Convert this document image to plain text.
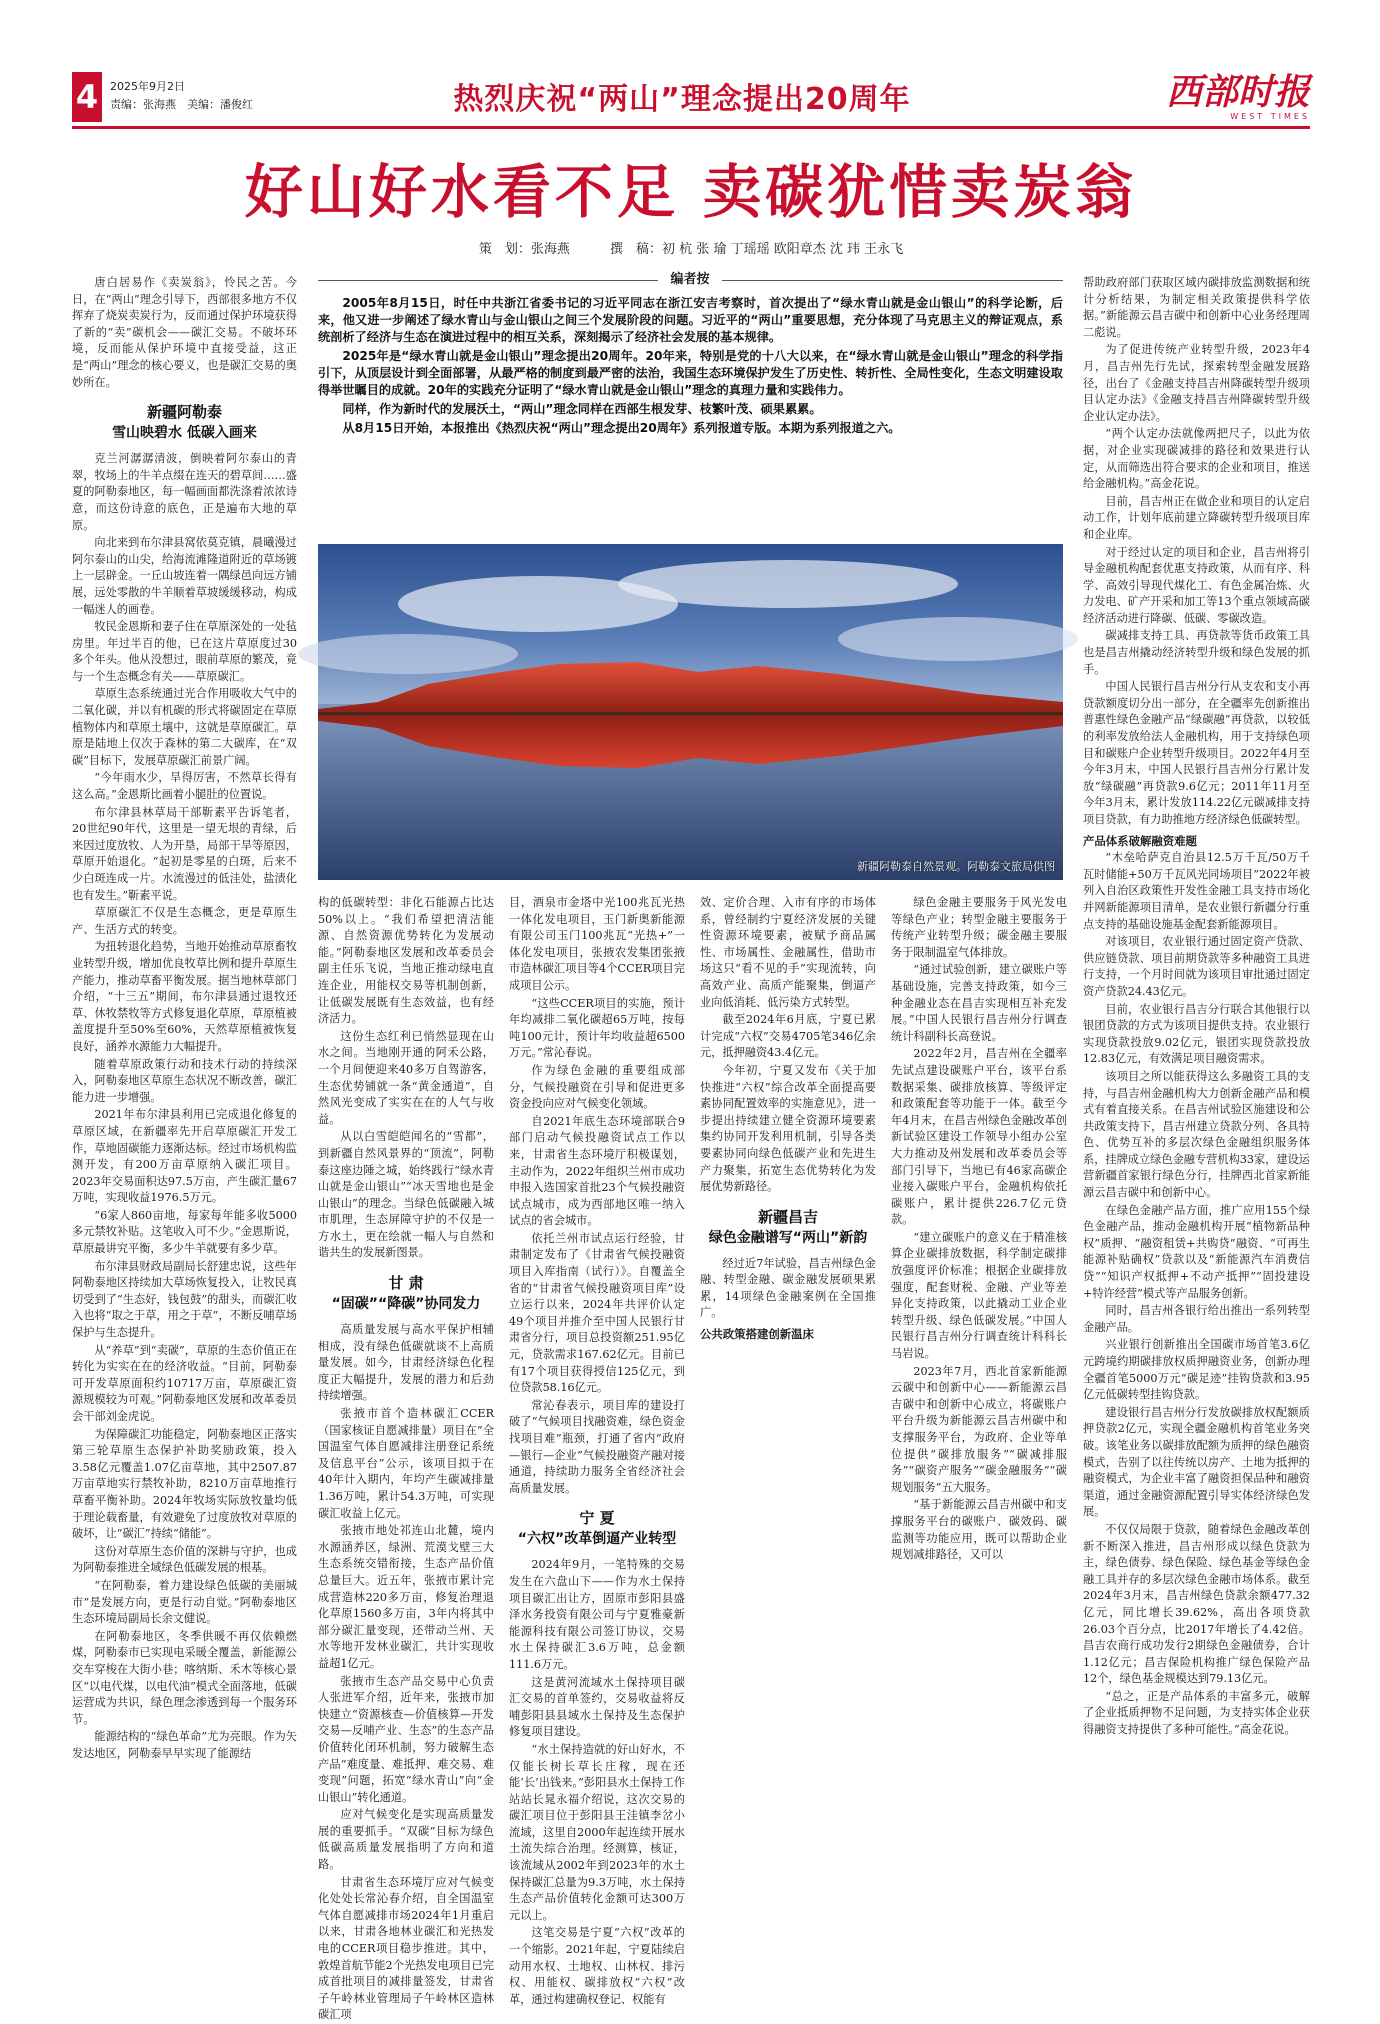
4	2025年9月2日
责编：张海燕　美编：潘俊红	热烈庆祝“两山”理念提出20周年	西部时报
WEST TIMES
好山好水看不足 卖碳犹惜卖炭翁
策　划：张海燕	撰　稿：初 杭 张 瑜 丁瑶瑶 欧阳章杰 沈 玮 王永飞
编者按

2005年8月15日，时任中共浙江省委书记的习近平同志在浙江安吉考察时，首次提出了“绿水青山就是金山银山”的科学论断，后来，他又进一步阐述了绿水青山与金山银山之间三个发展阶段的问题。习近平的“两山”重要思想，充分体现了马克思主义的辩证观点，系统剖析了经济与生态在演进过程中的相互关系，深刻揭示了经济社会发展的基本规律。

2025年是“绿水青山就是金山银山”理念提出20周年。20年来，特别是党的十八大以来，在“绿水青山就是金山银山”理念的科学指引下，从顶层设计到全面部署，从最严格的制度到最严密的法治，我国生态环境保护发生了历史性、转折性、全局性变化，生态文明建设取得举世瞩目的成就。20年的实践充分证明了“绿水青山就是金山银山”理念的真理力量和实践伟力。

同样，作为新时代的发展沃土，“两山”理念同样在西部生根发芽、枝繁叶茂、硕果累累。

从8月15日开始，本报推出《热烈庆祝“两山”理念提出20周年》系列报道专版。本期为系列报道之六。

新疆阿勒泰自然景观。阿勒泰文旅局供图

唐白居易作《卖炭翁》，怜民之苦。今日，在“两山”理念引导下，西部很多地方不仅挥弃了烧炭卖炭行为，反而通过保护环境获得了新的“卖”碳机会——碳汇交易。不破坏环境，反而能从保护环境中直接受益，这正是“两山”理念的核心要义，也是碳汇交易的奥妙所在。

新疆阿勒泰
雪山映碧水 低碳入画来

克兰河潺潺清波，倒映着阿尔泰山的青翠，牧场上的牛羊点缀在连天的碧草间……盛夏的阿勒泰地区，每一幅画面都洗涤着浓浓诗意，而这份诗意的底色，正是遍布大地的草原。

向北来到布尔津县窝依莫克镇，晨曦漫过阿尔泰山的山尖，给海流滩隆道附近的草场镀上一层辟金。一丘山坡连着一隅绿邑向远方铺展，远处零散的牛羊顺着草坡缓缓移动，构成一幅迷人的画卷。

牧民金恩斯和妻子住在草原深处的一处毡房里。年过半百的他，已在这片草原度过30多个年头。他从没想过，眼前草原的繁茂，竟与一个生态概念有关——草原碳汇。

草原生态系统通过光合作用吸收大气中的二氧化碳，并以有机碳的形式将碳固定在草原植物体内和草原土壤中，这就是草原碳汇。草原是陆地上仅次于森林的第二大碳库，在“双碳”目标下，发展草原碳汇前景广阔。

“今年雨水少，旱得厉害，不然草长得有这么高。”金恩斯比画着小腿肚的位置说。

布尔津县林草局干部靳素平告诉笔者，20世纪90年代，这里是一望无垠的青绿，后来因过度放牧、人为开垦，局部干旱等原因，草原开始退化。“起初是零星的白斑，后来不少白斑连成一片。水流漫过的低洼处，盐渍化也有发生。”靳素平说。

草原碳汇不仅是生态概念，更是草原生产、生活方式的转变。

为扭转退化趋势，当地开始推动草原畜牧业转型升级，增加优良牧草比例和提升草原生产能力，推动草畜平衡发展。据当地林草部门介绍，“十三五”期间，布尔津县通过退牧还草、休牧禁牧等方式修复退化草原，草原植被盖度提升至50%至60%，天然草原植被恢复良好，涵养水源能力大幅提升。

随着草原政策行动和技术行动的持续深入，阿勒泰地区草原生态状况不断改善，碳汇能力进一步增强。

2021年布尔津县利用已完成退化修复的草原区域，在新疆率先开启草原碳汇开发工作，草地固碳能力逐渐达标。经过市场机构监测开发，有200万亩草原纳入碳汇项目。2023年交易面积达97.5万亩，产生碳汇量67万吨，实现收益1976.5万元。

“6家人860亩地，每家每年能多收5000多元禁牧补贴。这笔收入可不少。”金恩斯说，草原最讲究平衡，多少牛羊就要有多少草。

布尔津县财政局副局长舒建忠说，这些年阿勒泰地区持续加大草场恢复投入，让牧民真切受到了“生态好，钱包鼓”的甜头，而碳汇收入也将“取之于草，用之于草”，不断反哺草场保护与生态提升。

从“养草”到“卖碳”，草原的生态价值正在转化为实实在在的经济收益。“目前，阿勒泰可开发草原面积约10717万亩，草原碳汇资源规模较为可观。”阿勒泰地区发展和改革委员会干部刘金虎说。

为保障碳汇功能稳定，阿勒泰地区正落实第三轮草原生态保护补助奖励政策，投入3.58亿元覆盖1.07亿亩草地，其中2507.87万亩草地实行禁牧补助，8210万亩草地推行草畜平衡补助。2024年牧场实际放牧量均低于理论载畜量，有效避免了过度放牧对草原的破坏，让“碳汇”持续“储能”。

这份对草原生态价值的深耕与守护，也成为阿勒泰推进全域绿色低碳发展的根基。

“在阿勒泰，着力建设绿色低碳的美丽城市”是发展方向，更是行动自觉。”阿勒泰地区生态环境局副局长余文健说。

在阿勒泰地区，冬季供暖不再仅依赖燃煤，阿勒泰市已实现电采暖全覆盖，新能源公交车穿梭在大街小巷；喀纳斯、禾木等核心景区“以电代煤，以电代油”模式全面落地，低碳运营成为共识，绿色理念渗透到每一个服务环节。

能源结构的“绿色革命”尤为亮眼。作为矢发达地区，阿勒泰早早实现了能源结

构的低碳转型：非化石能源占比达50%以上。“我们希望把清洁能源、自然资源优势转化为发展动能。”阿勒泰地区发展和改革委员会副主任乐飞说，当地正推动绿电直连企业，用能权交易等机制创新，让低碳发展既有生态效益，也有经济活力。

这份生态红利已悄然显现在山水之间。当地刚开通的阿禾公路，一个月间便迎来40多万自驾游客，生态优势铺就一条“黄金通道”，自然风光变成了实实在在的人气与收益。

从以白雪皑皑闻名的“雪都”，到新疆自然风景界的“顶流”，阿勒泰这座边陲之城，始终践行“绿水青山就是金山银山”“冰天雪地也是金山银山”的理念。当绿色低碳融入城市肌理，生态屏障守护的不仅是一方水土，更在绘就一幅人与自然和谐共生的发展新图景。

甘 肃
“固碳”“降碳”协同发力

高质量发展与高水平保护相辅相成，没有绿色低碳就谈不上高质量发展。如今，甘肃经济绿色化程度正大幅提升，发展的潜力和后劲持续增强。

张掖市首个造林碳汇CCER（国家核证自愿减排量）项目在“全国温室气体自愿减排注册登记系统及信息平台”公示，该项目拟于在40年计入期内，年均产生碳减排量1.36万吨，累计54.3万吨，可实现碳汇收益上亿元。

张掖市地处祁连山北麓，境内水源涵养区，绿洲、荒漠戈壁三大生态系统交错衔接，生态产品价值总量巨大。近五年，张掖市累计完成营造林220多万亩，修复治理退化草原1560多万亩，3年内将其中部分碳汇量变现，还带动兰州、天水等地开发林业碳汇，共计实现收益超1亿元。

张掖市生态产品交易中心负责人张进军介绍，近年来，张掖市加快建立“资源核查—价值核算—开发交易—反哺产业、生态”的生态产品价值转化闭环机制，努力破解生态产品“难度量、难抵押、难交易、难变现”问题，拓宽“绿水青山”向“金山银山”转化通道。

应对气候变化是实现高质量发展的重要抓手。“双碳”目标为绿色低碳高质量发展指明了方向和道路。

甘肃省生态环境厅应对气候变化处处长常沁春介绍，自全国温室气体自愿减排市场2024年1月重启以来，甘肃各地林业碳汇和光热发电的CCER项目稳步推进。其中，敦煌首航节能2个光热发电项目已完成首批项目的减排量签发，甘肃省子午岭林业管理局子午岭林区造林碳汇项

目，酒泉市金塔中光100兆瓦光热一体化发电项目，玉门新奥新能源有限公司玉门100兆瓦“光热+”一体化发电项目，张掖农发集团张掖市造林碳汇项目等4个CCER项目完成项目公示。

“这些CCER项目的实施，预计年均减排二氧化碳超65万吨，按每吨100元计，预计年均收益超6500万元。”常沁春说。

作为绿色金融的重要组成部分，气候投融资在引导和促进更多资金投向应对气候变化领域。

自2021年底生态环境部联合9部门启动气候投融资试点工作以来，甘肃省生态环境厅积极谋划，主动作为，2022年组织兰州市成功申报入选国家首批23个气候投融资试点城市，成为西部地区唯一纳入试点的省会城市。

依托兰州市试点运行经验，甘肃制定发布了《甘肃省气候投融资项目入库指南（试行）》。自覆盖全省的“甘肃省气候投融资项目库”设立运行以来，2024年共评价认定49个项目并推介至中国人民银行甘肃省分行，项目总投资额251.95亿元，贷款需求167.62亿元。目前已有17个项目获得授信125亿元，到位贷款58.16亿元。

常沁春表示，项目库的建设打破了“气候项目找融资难，绿色资金找项目难”瓶颈，打通了省内“政府—银行—企业”气候投融资产融对接通道，持续助力服务全省经济社会高质量发展。

宁 夏
“六权”改革倒逼产业转型

2024年9月，一笔特殊的交易发生在六盘山下——作为水土保持项目碳汇出让方，固原市彭阳县盛泽水务投资有限公司与宁夏雅豪新能源科技有限公司签订协议，交易水土保持碳汇3.6万吨，总金额111.6万元。

这是黄河流域水土保持项目碳汇交易的首单签约，交易收益将反哺彭阳县县域水土保持及生态保护修复项目建设。

“水土保持造就的好山好水，不仅能长树长草长庄稼，现在还能‘长’出钱来。”彭阳县水土保持工作站站长晁永福介绍说，这次交易的碳汇项目位于彭阳县王洼镇李岔小流域，这里自2000年起连续开展水土流失综合治理。经测算，核证，该流域从2002年到2023年的水土保持碳汇总量为9.3万吨，水土保持生态产品价值转化金额可达300万元以上。

这笔交易是宁夏“六权”改革的一个缩影。2021年起，宁夏陆续启动用水权、土地权、山林权、排污权、用能权、碳排放权“六权”改革，通过构建确权登记、权能有

效、定价合理、入市有序的市场体系，曾经制约宁夏经济发展的关键性资源环境要素，被赋予商品属性、市场属性、金融属性，借助市场这只“看不见的手”实现流转，向高效产业、高质产能聚集，倒逼产业向低消耗、低污染方式转型。

截至2024年6月底，宁夏已累计完成“六权”交易4705笔346亿余元，抵押融资43.4亿元。

今年初，宁夏又发布《关于加快推进“六权”综合改革全面提高要素协同配置效率的实施意见》，进一步提出持续建立健全资源环境要素集约协同开发利用机制，引导各类要素协同向绿色低碳产业和先进生产力聚集，拓宽生态优势转化为发展优势新路径。

新疆昌吉
绿色金融谱写“两山”新韵

经过近7年试验，昌吉州绿色金融、转型金融、碳金融发展硕果累累，14项绿色金融案例在全国推广。

公共政策搭建创新温床

绿色金融主要服务于风光发电等绿色产业；转型金融主要服务于传统产业转型升级；碳金融主要服务于限制温室气体排放。

“通过试验创新，建立碳账户等基础设施，完善支持政策，如今三种金融业态在昌吉实现相互补充发展。”中国人民银行昌吉州分行调查统计科副科长高登说。

2022年2月，昌吉州在全疆率先试点建设碳账户平台，该平台系数据采集、碳排放核算、等级评定和政策配套等功能于一体。截至今年4月末，在昌吉州绿色金融改革创新试验区建设工作领导小组办公室大力推动及州发展和改革委员会等部门引导下，当地已有46家高碳企业接入碳账户平台，金融机构依托碳账户，累计提供226.7亿元贷款。

“建立碳账户的意义在于精准核算企业碳排放数据，科学制定碳排放强度评价标准；根据企业碳排放强度，配套财税、金融、产业等差异化支持政策，以此撬动工业企业转型升级、绿色低碳发展。”中国人民银行昌吉州分行调查统计科科长马岩说。

2023年7月，西北首家新能源云碳中和创新中心——新能源云昌吉碳中和创新中心成立，将碳账户平台升级为新能源云昌吉州碳中和支撑服务平台，为政府、企业等单位提供“碳排放服务”“碳减排服务”“碳资产服务”“碳金融服务”“碳规划服务”五大服务。

“基于新能源云昌吉州碳中和支撑服务平台的碳账户、碳效码、碳监测等功能应用，既可以帮助企业规划减排路径，又可以

帮助政府部门获取区域内碳排放监测数据和统计分析结果，为制定相关政策提供科学依据。”新能源云昌吉碳中和创新中心业务经理周二彪说。

为了促进传统产业转型升级，2023年4月，昌吉州先行先试，探索转型金融发展路径，出台了《金融支持昌吉州降碳转型升级项目认定办法》《金融支持昌吉州降碳转型升级企业认定办法》。

“两个认定办法就像两把尺子，以此为依据，对企业实现碳减排的路径和效果进行认定，从而筛选出符合要求的企业和项目，推送给金融机构。”高金花说。

目前，昌吉州正在做企业和项目的认定启动工作，计划年底前建立降碳转型升级项目库和企业库。

对于经过认定的项目和企业，昌吉州将引导金融机构配套优惠支持政策，从而有序、科学、高效引导现代煤化工、有色金属冶炼、火力发电、矿产开采和加工等13个重点领域高碳经济活动进行降碳、低碳、零碳改造。

碳减排支持工具、再贷款等货币政策工具也是昌吉州撬动经济转型升级和绿色发展的抓手。

中国人民银行昌吉州分行从支农和支小再贷款额度切分出一部分，在全疆率先创新推出普惠性绿色金融产品“绿碳融”再贷款，以较低的利率发放给法人金融机构，用于支持绿色项目和碳账户企业转型升级项目。2022年4月至今年3月末，中国人民银行昌吉州分行累计发放“绿碳融”再贷款9.6亿元；2011年11月至今年3月末，累计发放114.22亿元碳减排支持项目贷款，有力助推地方经济绿色低碳转型。

产品体系破解融资难题

“木垒哈萨克自治县12.5万千瓦/50万千瓦时储能+50万千瓦风光同场项目”2022年被列入自治区政策性开发性金融工具支持市场化并网新能源项目清单，是农业银行新疆分行重点支持的基础设施基金配套新能源项目。

对该项目，农业银行通过固定资产贷款、供应链贷款、项目前期贷款等多种融资工具进行支持，一个月时间就为该项目审批通过固定资产贷款24.43亿元。

目前，农业银行昌吉分行联合其他银行以银团贷款的方式为该项目提供支持。农业银行实现贷款投放9.02亿元，银团实现贷款投放12.83亿元，有效满足项目融资需求。

该项目之所以能获得这么多融资工具的支持，与昌吉州金融机构大力创新金融产品和模式有着直接关系。在昌吉州试验区施建设和公共政策支持下，昌吉州建立贷款分列、各具特色、优势互补的多层次绿色金融组织服务体系，挂牌成立绿色金融专营机构33家，建设运营新疆首家银行绿色分行，挂牌西北首家新能源云昌吉碳中和创新中心。

在绿色金融产品方面，推广应用155个绿色金融产品，推动金融机构开展“植物新品种权”质押、“融资租赁+共购贷”融资、“可再生能源补贴确权”贷款以及“新能源汽车消费信贷”“知识产权抵押+不动产抵押”“固投建设+特许经营”模式等产品服务创新。

同时，昌吉州各银行给出推出一系列转型金融产品。

兴业银行创新推出全国碳市场首笔3.6亿元跨境约期碳排放权质押融资业务，创新办理全疆首笔5000万元“碳足迹”挂钩贷款和3.95亿元低碳转型挂钩贷款。

建设银行昌吉州分行发放碳排放权配额质押贷款2亿元，实现全疆金融机构首笔业务突破。该笔业务以碳排放配额为质押的绿色融资模式，告别了以往传统以房产、土地为抵押的融资模式，为企业丰富了融资担保品种和融资渠道，通过金融资源配置引导实体经济绿色发展。

不仅仅局限于贷款，随着绿色金融改革创新不断深入推进，昌吉州形成以绿色贷款为主，绿色债券、绿色保险、绿色基金等绿色金融工具并存的多层次绿色金融市场体系。截至2024年3月末，昌吉州绿色贷款余额477.32亿元，同比增长39.62%，高出各项贷款26.03个百分点，比2017年增长了4.42倍。昌吉农商行成功发行2期绿色金融债券，合计1.12亿元；昌吉保险机构推广绿色保险产品12个，绿色基金规模达到79.13亿元。

“总之，正是产品体系的丰富多元，破解了企业抵质押物不足问题，为支持实体企业获得融资支持提供了多种可能性。”高金花说。
